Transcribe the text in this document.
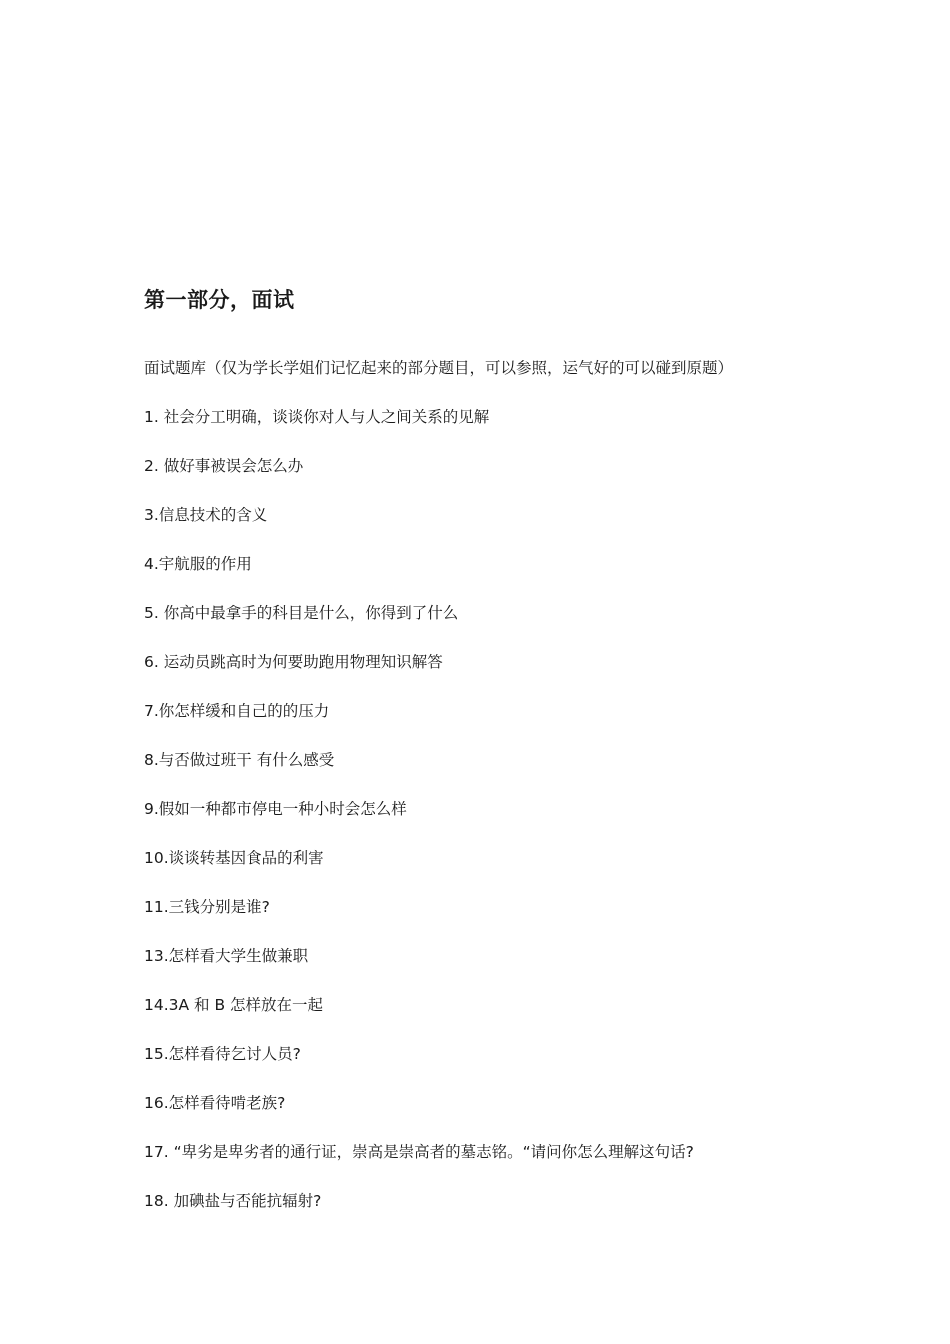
第一部分，面试
面试题库（仅为学长学姐们记忆起来的部分题目，可以参照，运气好的可以碰到原题）
1. 社会分工明确，谈谈你对人与人之间关系的见解
2. 做好事被误会怎么办
3.信息技术的含义
4.宇航服的作用
5. 你高中最拿手的科目是什么，你得到了什么
6. 运动员跳高时为何要助跑用物理知识解答
7.你怎样缓和自己的的压力
8.与否做过班干 有什么感受
9.假如一种都市停电一种小时会怎么样
10.谈谈转基因食品的利害
11.三钱分别是谁?
13.怎样看大学生做兼职
14.3A 和 B 怎样放在一起
15.怎样看待乞讨人员?
16.怎样看待啃老族?
17. “卑劣是卑劣者的通行证，崇高是崇高者的墓志铭。“请问你怎么理解这句话?
18. 加碘盐与否能抗辐射?
